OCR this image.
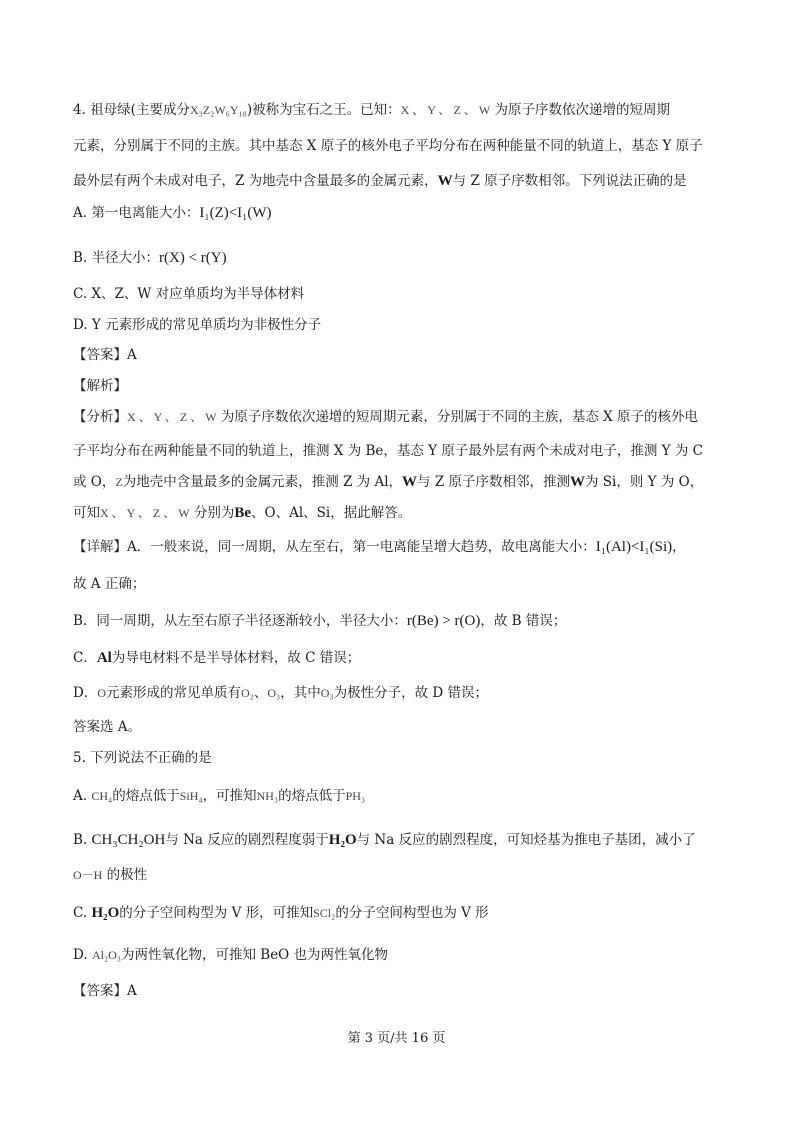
4. 祖母绿(主要成分X₃Z₂W₆Y₁₈)被称为宝石之王。已知：X 、 Y 、 Z 、 W 为原子序数依次递增的短周期
元素，分别属于不同的主族。其中基态 X 原子的核外电子平均分布在两种能量不同的轨道上，基态 Y 原子
最外层有两个未成对电子，Z 为地壳中含量最多的金属元素，W与 Z 原子序数相邻。下列说法正确的是
A. 第一电离能大小：I₁(Z)<I₁(W)
B. 半径大小：r(X) < r(Y)
C. X、Z、W 对应单质均为半导体材料
D. Y 元素形成的常见单质均为非极性分子
【答案】A
【解析】
【分析】X 、 Y 、 Z 、 W 为原子序数依次递增的短周期元素，分别属于不同的主族，基态 X 原子的核外电
子平均分布在两种能量不同的轨道上，推测 X 为 Be，基态 Y 原子最外层有两个未成对电子，推测 Y 为 C
或 O，Z为地壳中含量最多的金属元素，推测 Z 为 Al，W与 Z 原子序数相邻，推测W为 Si，则 Y 为 O，
可知X 、 Y 、 Z 、 W 分别为Be、O、Al、Si，据此解答。
【详解】A．一般来说，同一周期，从左至右，第一电离能呈增大趋势，故电离能大小：I₁(Al)<I₁(Si)，
故 A 正确；
B．同一周期，从左至右原子半径逐渐较小，半径大小：r(Be) > r(O)，故 B 错误；
C．Al为导电材料不是半导体材料，故 C 错误；
D．O元素形成的常见单质有O₂、O₃，其中O₃为极性分子，故 D 错误；
答案选 A。
5. 下列说法不正确的是
A. CH₄的熔点低于SiH₄，可推知NH₃的熔点低于PH₃
B. CH₃CH₂OH与 Na 反应的剧烈程度弱于H₂O与 Na 反应的剧烈程度，可知烃基为推电子基团，减小了
O－H 的极性
C. H₂O的分子空间构型为 V 形，可推知SCl₂的分子空间构型也为 V 形
D. Al₂O₃为两性氧化物，可推知 BeO 也为两性氧化物
【答案】A
第 3 页/共 16 页
